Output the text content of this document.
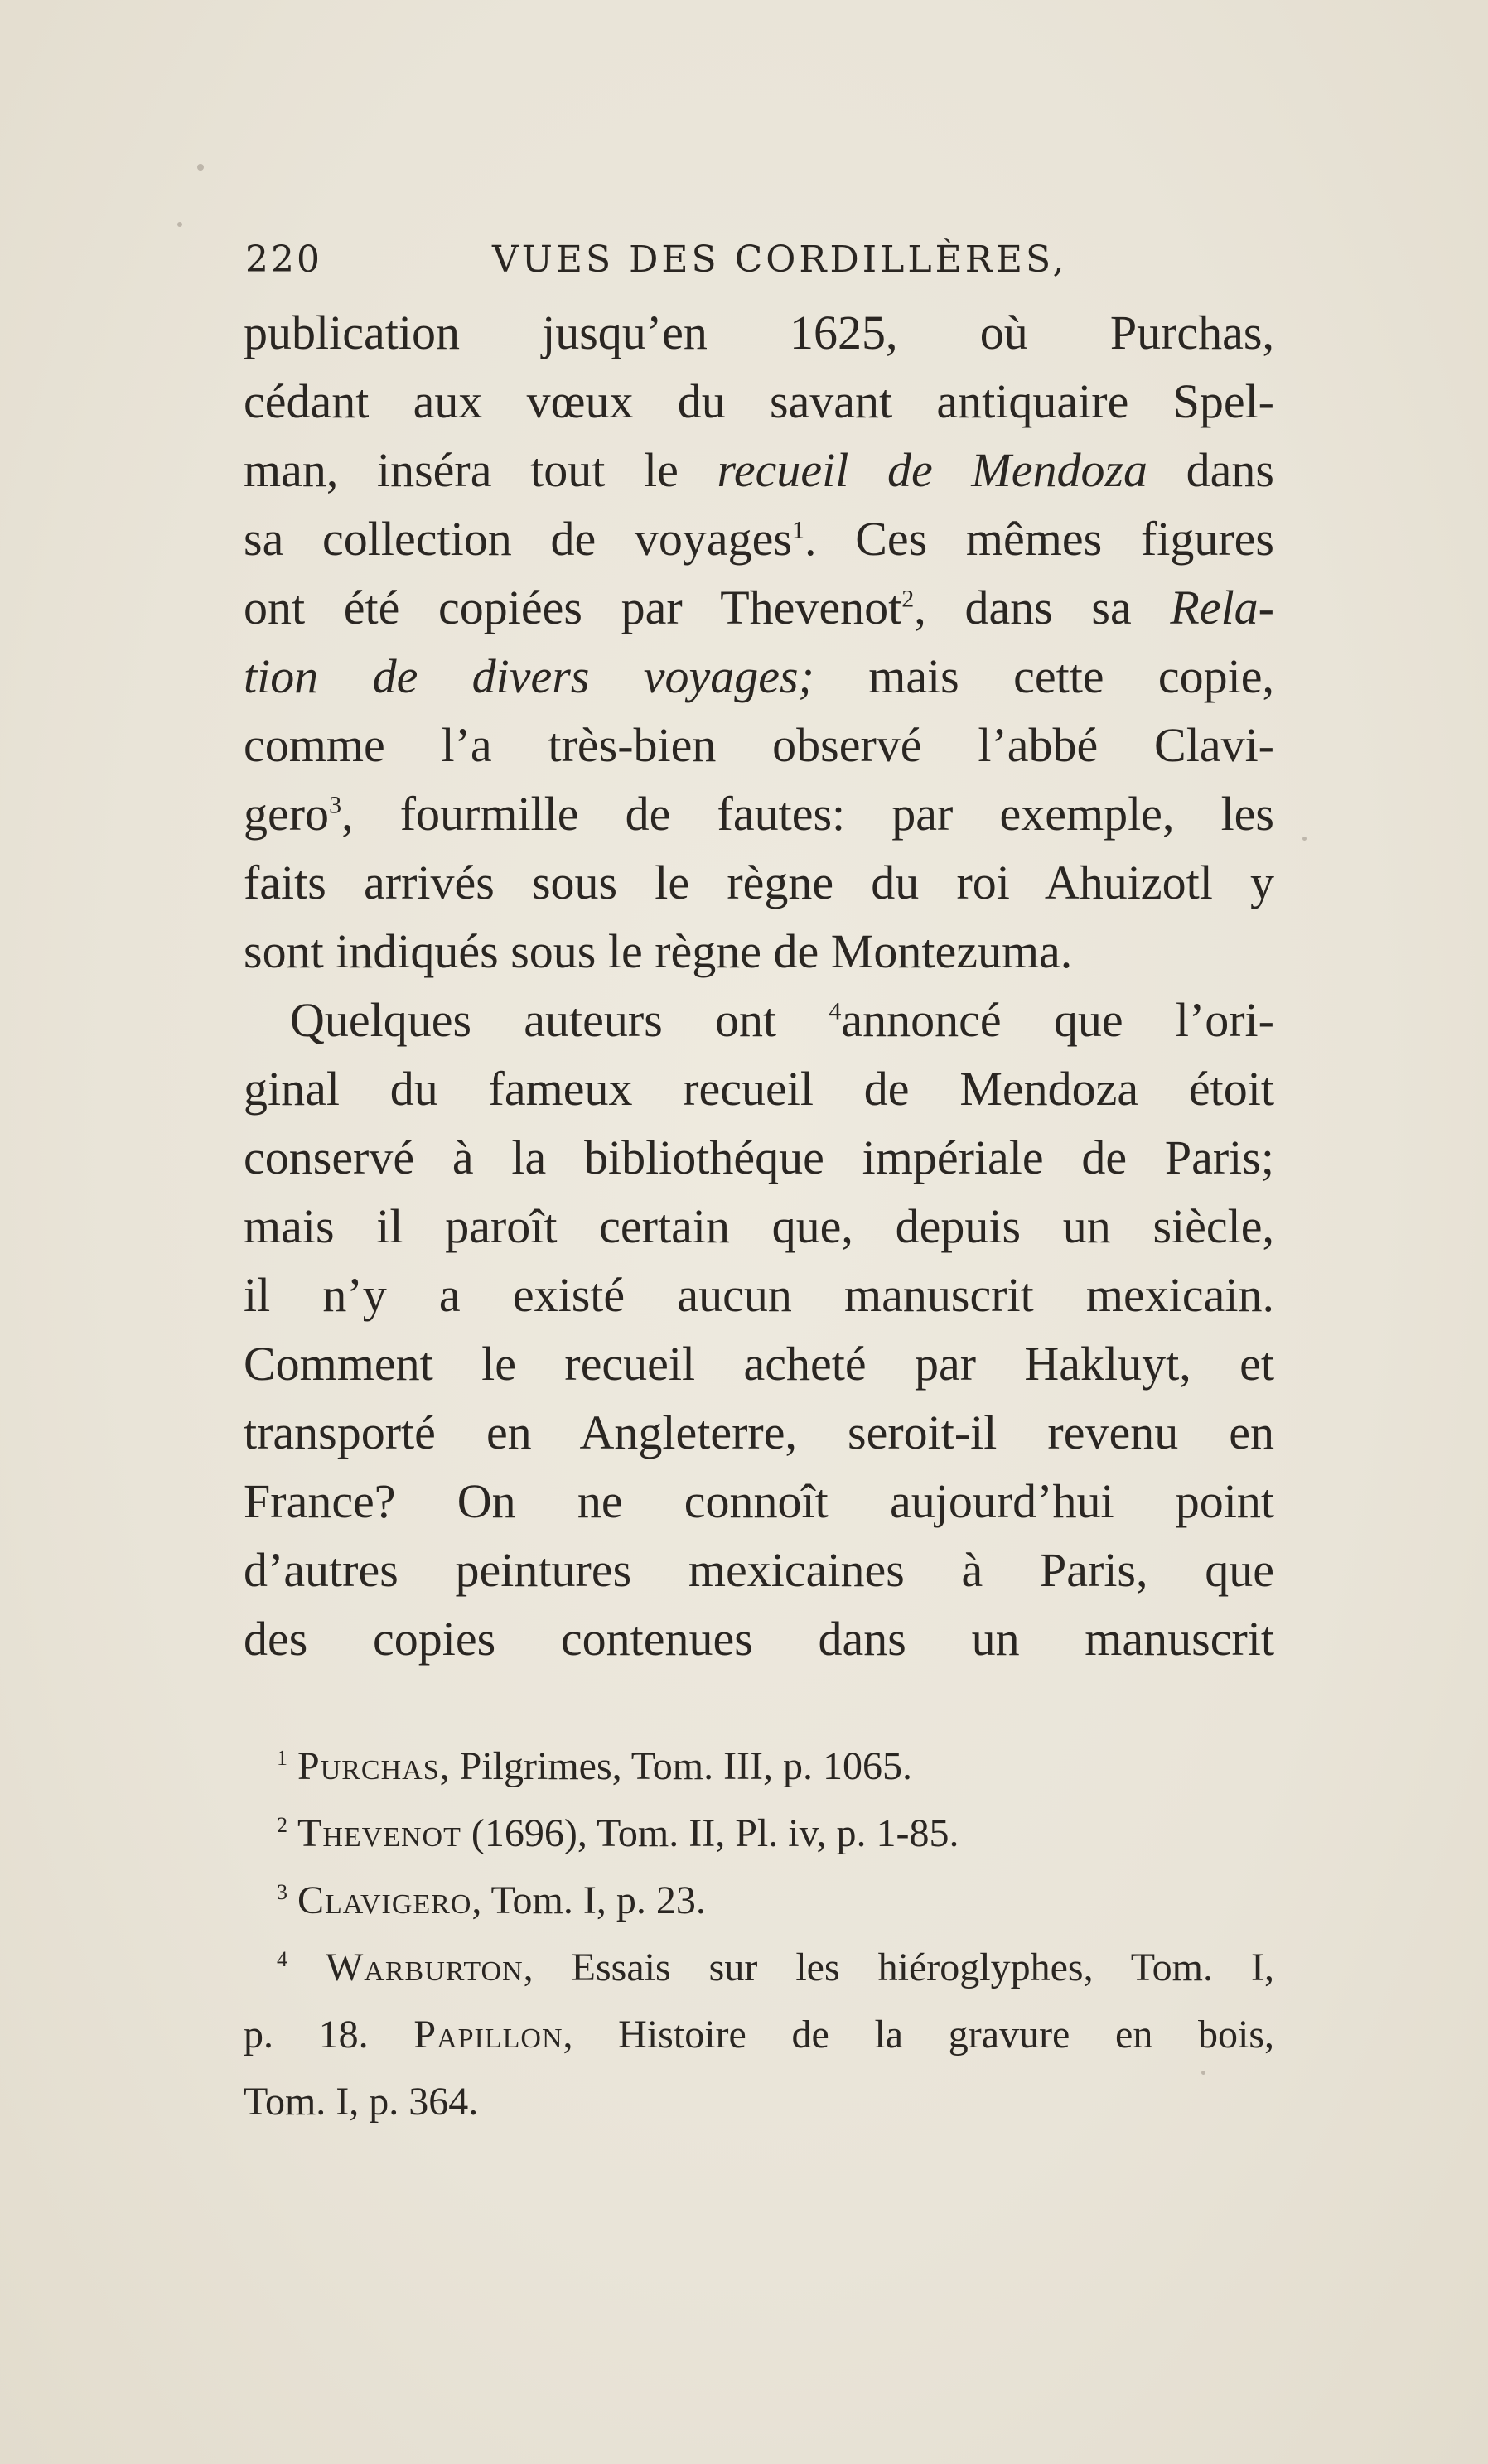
220	VUES DES CORDILLÈRES,
publication jusqu’en 1625, où Purchas,
cédant aux vœux du savant antiquaire Spel-
man, inséra tout le recueil de Mendoza dans
sa collection de voyages$^1$. Ces mêmes figures
ont été copiées par Thevenot$^2$, dans sa Rela-
tion de divers voyages; mais cette copie,
comme l’a très-bien observé l’abbé Clavi-
gero$^3$, fourmille de fautes: par exemple, les
faits arrivés sous le règne du roi Ahuizotl y
sont indiqués sous le règne de Montezuma.
Quelques auteurs ont $^4$annoncé que l’ori-
ginal du fameux recueil de Mendoza étoit
conservé à la bibliothéque impériale de Paris;
mais il paroît certain que, depuis un siècle,
il n’y a existé aucun manuscrit mexicain.
Comment le recueil acheté par Hakluyt, et
transporté en Angleterre, seroit-il revenu en
France? On ne connoît aujourd’hui point
d’autres peintures mexicaines à Paris, que
des copies contenues dans un manuscrit
$^1$ Purchas, Pilgrimes, Tom. III, p. 1065.
$^2$ Thevenot (1696), Tom. II, Pl. iv, p. 1-85.
$^3$ Clavigero, Tom. I, p. 23.
$^4$ Warburton, Essais sur les hiéroglyphes, Tom. I,
p. 18. Papillon, Histoire de la gravure en bois,
Tom. I, p. 364.
